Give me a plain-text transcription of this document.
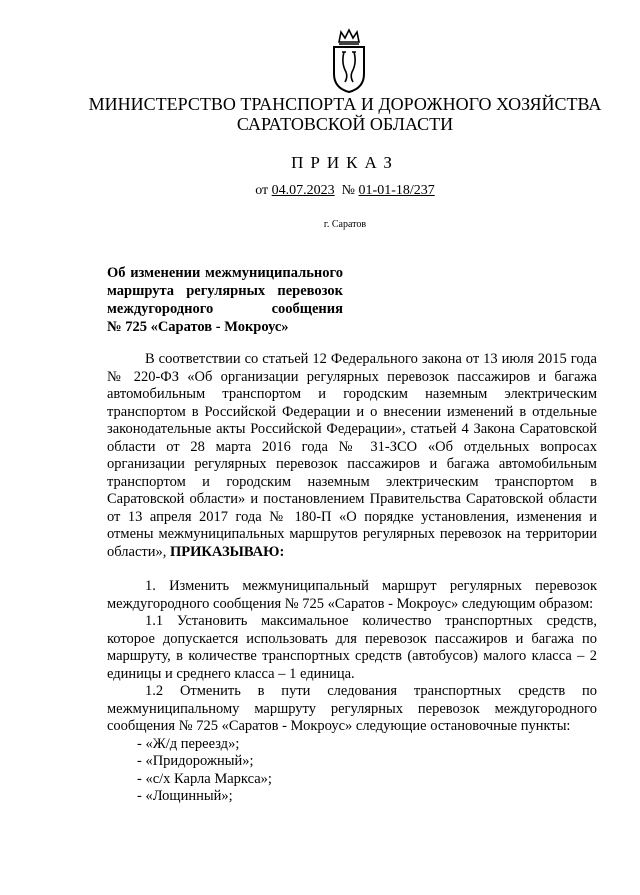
МИНИСТЕРСТВО ТРАНСПОРТА И ДОРОЖНОГО ХОЗЯЙСТВА
САРАТОВСКОЙ ОБЛАСТИ
ПРИКАЗ
от 04.07.2023 № 01-01-18/237
г. Саратов
Об изменении межмуниципального
маршрута регулярных перевозок
междугородного сообщения
№ 725 «Саратов - Мокроус»

В соответствии со статьей 12 Федерального закона от 13 июля 2015 года № 220-ФЗ «Об организации регулярных перевозок пассажиров и багажа автомобильным транспортом и городским наземным электрическим транспортом в Российской Федерации и о внесении изменений в отдельные законодательные акты Российской Федерации», статьей 4 Закона Саратовской области от 28 марта 2016 года № 31-ЗСО «Об отдельных вопросах организации регулярных перевозок пассажиров и багажа автомобильным транспортом и городским наземным электрическим транспортом в Саратовской области» и постановлением Правительства Саратовской области от 13 апреля 2017 года № 180-П «О порядке установления, изменения и отмены межмуниципальных маршрутов регулярных перевозок на территории области», ПРИКАЗЫВАЮ:

1. Изменить межмуниципальный маршрут регулярных перевозок междугородного сообщения № 725 «Саратов - Мокроус» следующим образом:

1.1 Установить максимальное количество транспортных средств, которое допускается использовать для перевозок пассажиров и багажа по маршруту, в количестве транспортных средств (автобусов) малого класса – 2 единицы и среднего класса – 1 единица.

1.2 Отменить в пути следования транспортных средств по межмуниципальному маршруту регулярных перевозок междугородного сообщения № 725 «Саратов - Мокроус» следующие остановочные пункты:

- «Ж/д переезд»;
- «Придорожный»;
- «с/х Карла Маркса»;
- «Лощинный»;
